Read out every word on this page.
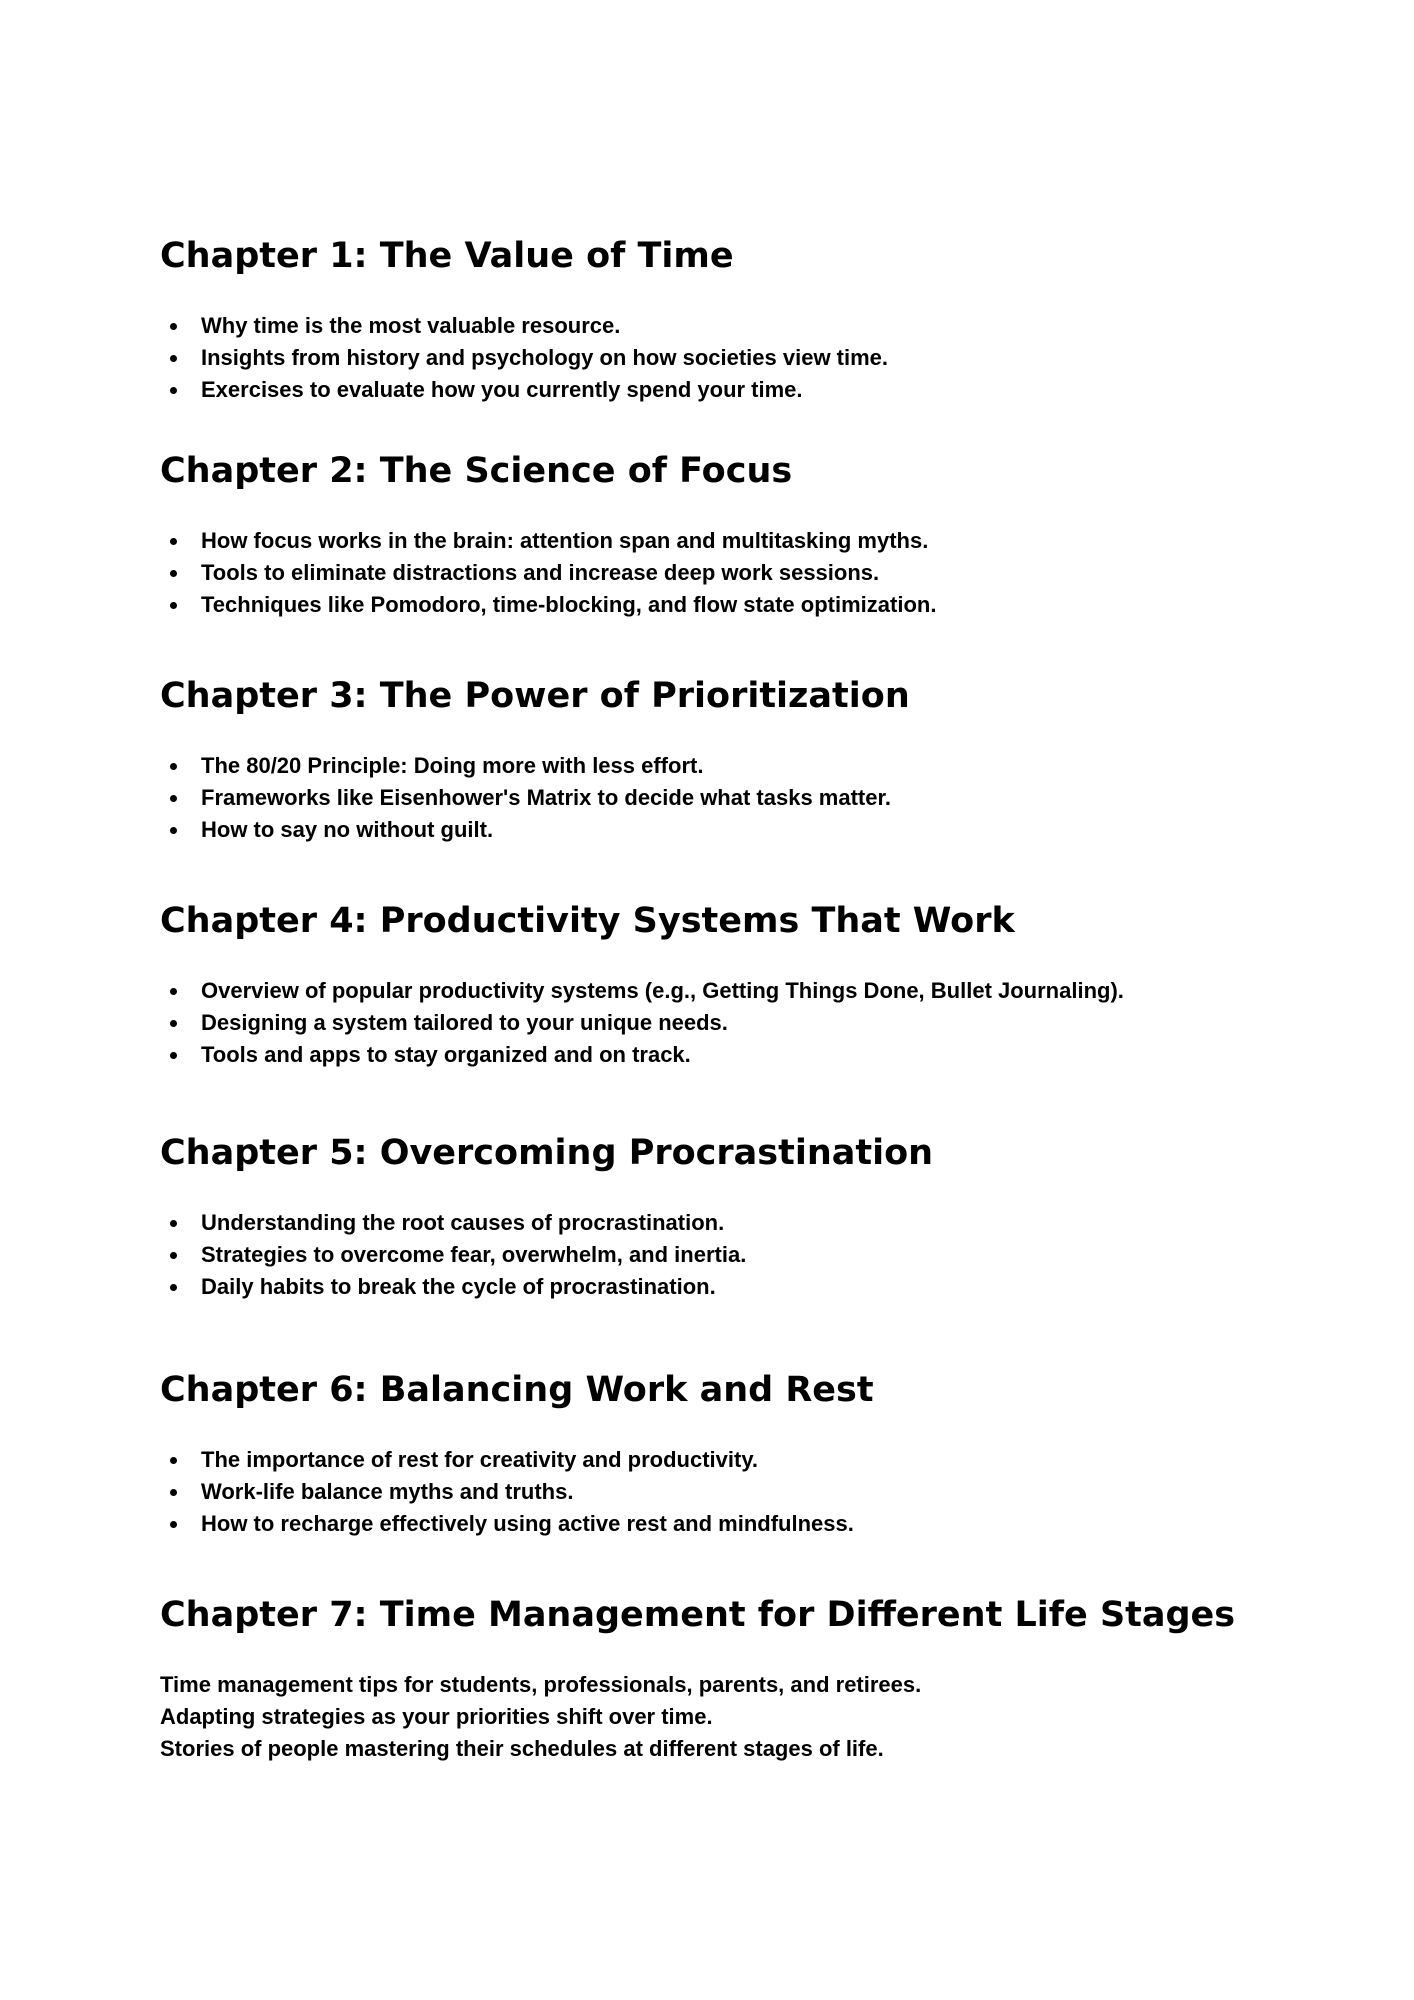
Chapter 1: The Value of Time
Why time is the most valuable resource.
Insights from history and psychology on how societies view time.
Exercises to evaluate how you currently spend your time.
Chapter 2: The Science of Focus
How focus works in the brain: attention span and multitasking myths.
Tools to eliminate distractions and increase deep work sessions.
Techniques like Pomodoro, time-blocking, and flow state optimization.
Chapter 3: The Power of Prioritization
The 80/20 Principle: Doing more with less effort.
Frameworks like Eisenhower's Matrix to decide what tasks matter.
How to say no without guilt.
Chapter 4: Productivity Systems That Work
Overview of popular productivity systems (e.g., Getting Things Done, Bullet Journaling).
Designing a system tailored to your unique needs.
Tools and apps to stay organized and on track.
Chapter 5: Overcoming Procrastination
Understanding the root causes of procrastination.
Strategies to overcome fear, overwhelm, and inertia.
Daily habits to break the cycle of procrastination.
Chapter 6: Balancing Work and Rest
The importance of rest for creativity and productivity.
Work-life balance myths and truths.
How to recharge effectively using active rest and mindfulness.
Chapter 7: Time Management for Different Life Stages
Time management tips for students, professionals, parents, and retirees.
Adapting strategies as your priorities shift over time.
Stories of people mastering their schedules at different stages of life.
